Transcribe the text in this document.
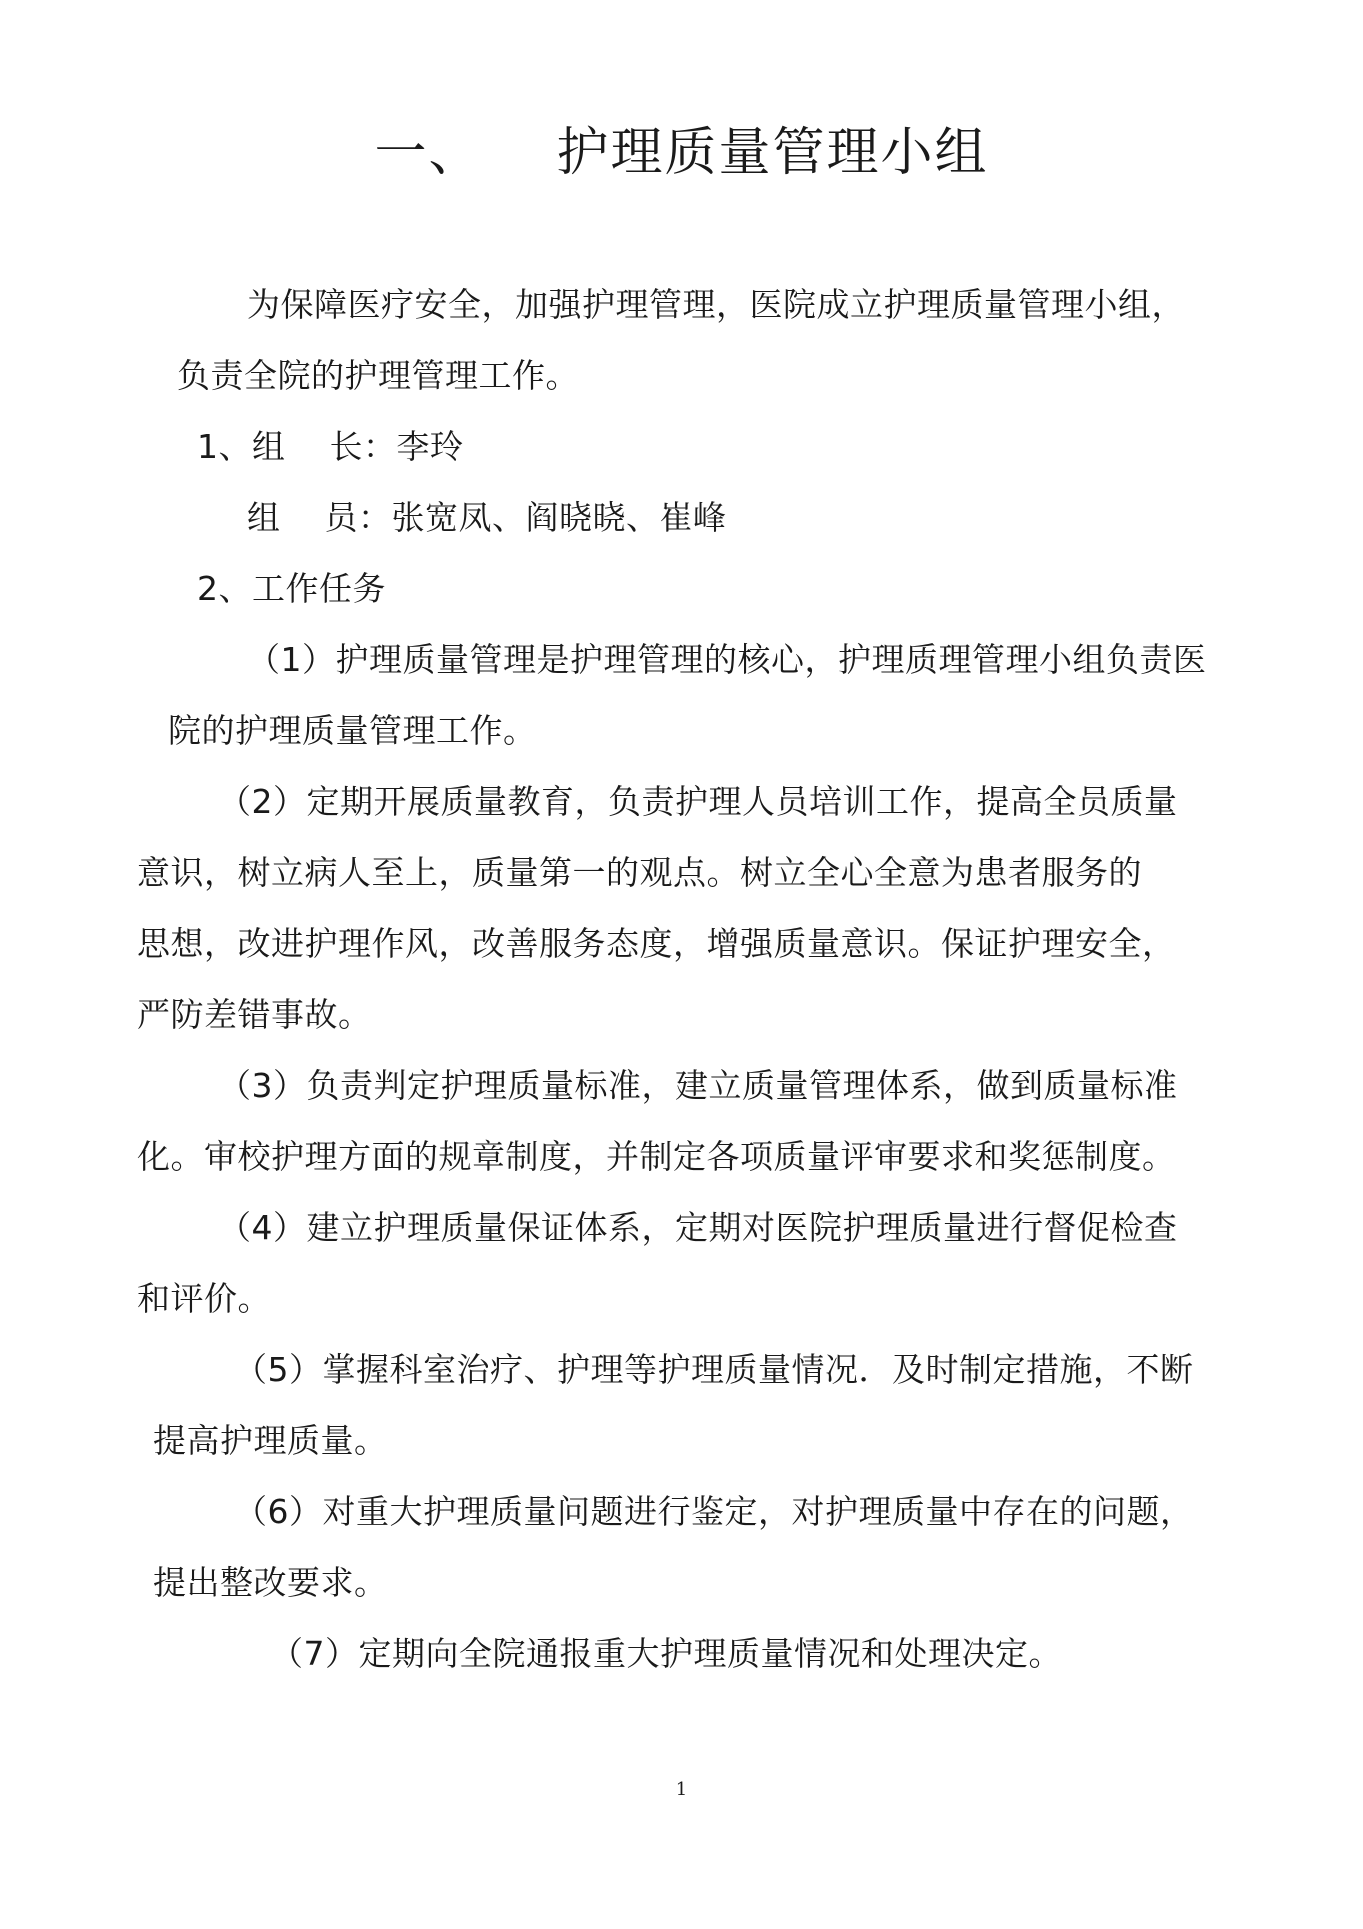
一、    护理质量管理小组
为保障医疗安全，加强护理管理，医院成立护理质量管理小组，
负责全院的护理管理工作。
1、组    长：李玲
组    员：张宽凤、阎晓晓、崔峰
2、工作任务
（1）护理质量管理是护理管理的核心，护理质理管理小组负责医
院的护理质量管理工作。
（2）定期开展质量教育，负责护理人员培训工作，提高全员质量
意识，树立病人至上，质量第一的观点。树立全心全意为患者服务的
思想，改进护理作风，改善服务态度，增强质量意识。保证护理安全，
严防差错事故。
（3）负责判定护理质量标准，建立质量管理体系，做到质量标准
化。审校护理方面的规章制度，并制定各项质量评审要求和奖惩制度。
（4）建立护理质量保证体系，定期对医院护理质量进行督促检查
和评价。
（5）掌握科室治疗、护理等护理质量情况．及时制定措施，不断
提高护理质量。
（6）对重大护理质量问题进行鉴定，对护理质量中存在的问题，
提出整改要求。
（7）定期向全院通报重大护理质量情况和处理决定。
1
